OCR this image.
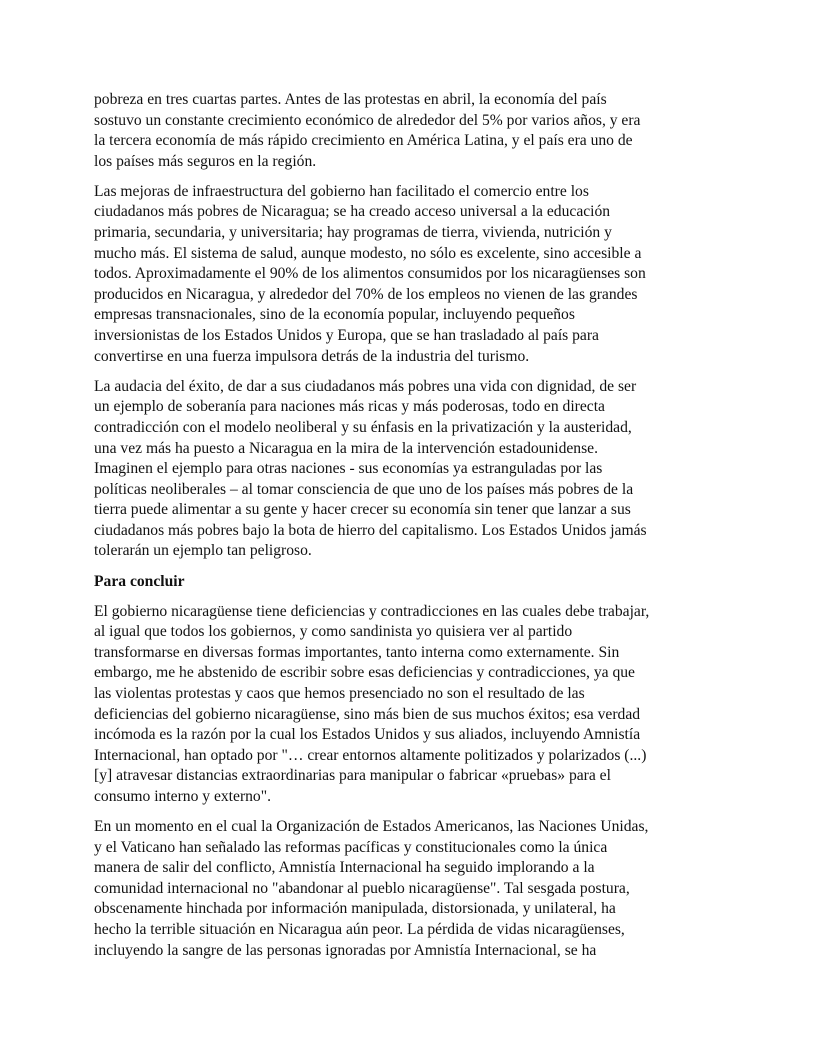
pobreza en tres cuartas partes. Antes de las protestas en abril, la economía del país
sostuvo un constante crecimiento económico de alrededor del 5% por varios años, y era
la tercera economía de más rápido crecimiento en América Latina, y el país era uno de
los países más seguros en la región.

Las mejoras de infraestructura del gobierno han facilitado el comercio entre los
ciudadanos más pobres de Nicaragua; se ha creado acceso universal a la educación
primaria, secundaria, y universitaria; hay programas de tierra, vivienda, nutrición y
mucho más. El sistema de salud, aunque modesto, no sólo es excelente, sino accesible a
todos. Aproximadamente el 90% de los alimentos consumidos por los nicaragüenses son
producidos en Nicaragua, y alrededor del 70% de los empleos no vienen de las grandes
empresas transnacionales, sino de la economía popular, incluyendo pequeños
inversionistas de los Estados Unidos y Europa, que se han trasladado al país para
convertirse en una fuerza impulsora detrás de la industria del turismo.

La audacia del éxito, de dar a sus ciudadanos más pobres una vida con dignidad, de ser
un ejemplo de soberanía para naciones más ricas y más poderosas, todo en directa
contradicción con el modelo neoliberal y su énfasis en la privatización y la austeridad,
una vez más ha puesto a Nicaragua en la mira de la intervención estadounidense.
Imaginen el ejemplo para otras naciones - sus economías ya estranguladas por las
políticas neoliberales – al tomar consciencia de que uno de los países más pobres de la
tierra puede alimentar a su gente y hacer crecer su economía sin tener que lanzar a sus
ciudadanos más pobres bajo la bota de hierro del capitalismo. Los Estados Unidos jamás
tolerarán un ejemplo tan peligroso.

Para concluir

El gobierno nicaragüense tiene deficiencias y contradicciones en las cuales debe trabajar,
al igual que todos los gobiernos, y como sandinista yo quisiera ver al partido
transformarse en diversas formas importantes, tanto interna como externamente. Sin
embargo, me he abstenido de escribir sobre esas deficiencias y contradicciones, ya que
las violentas protestas y caos que hemos presenciado no son el resultado de las
deficiencias del gobierno nicaragüense, sino más bien de sus muchos éxitos; esa verdad
incómoda es la razón por la cual los Estados Unidos y sus aliados, incluyendo Amnistía
Internacional, han optado por "… crear entornos altamente politizados y polarizados (...)
[y] atravesar distancias extraordinarias para manipular o fabricar «pruebas» para el
consumo interno y externo".

En un momento en el cual la Organización de Estados Americanos, las Naciones Unidas,
y el Vaticano han señalado las reformas pacíficas y constitucionales como la única
manera de salir del conflicto, Amnistía Internacional ha seguido implorando a la
comunidad internacional no "abandonar al pueblo nicaragüense". Tal sesgada postura,
obscenamente hinchada por información manipulada, distorsionada, y unilateral, ha
hecho la terrible situación en Nicaragua aún peor. La pérdida de vidas nicaragüenses,
incluyendo la sangre de las personas ignoradas por Amnistía Internacional, se ha
